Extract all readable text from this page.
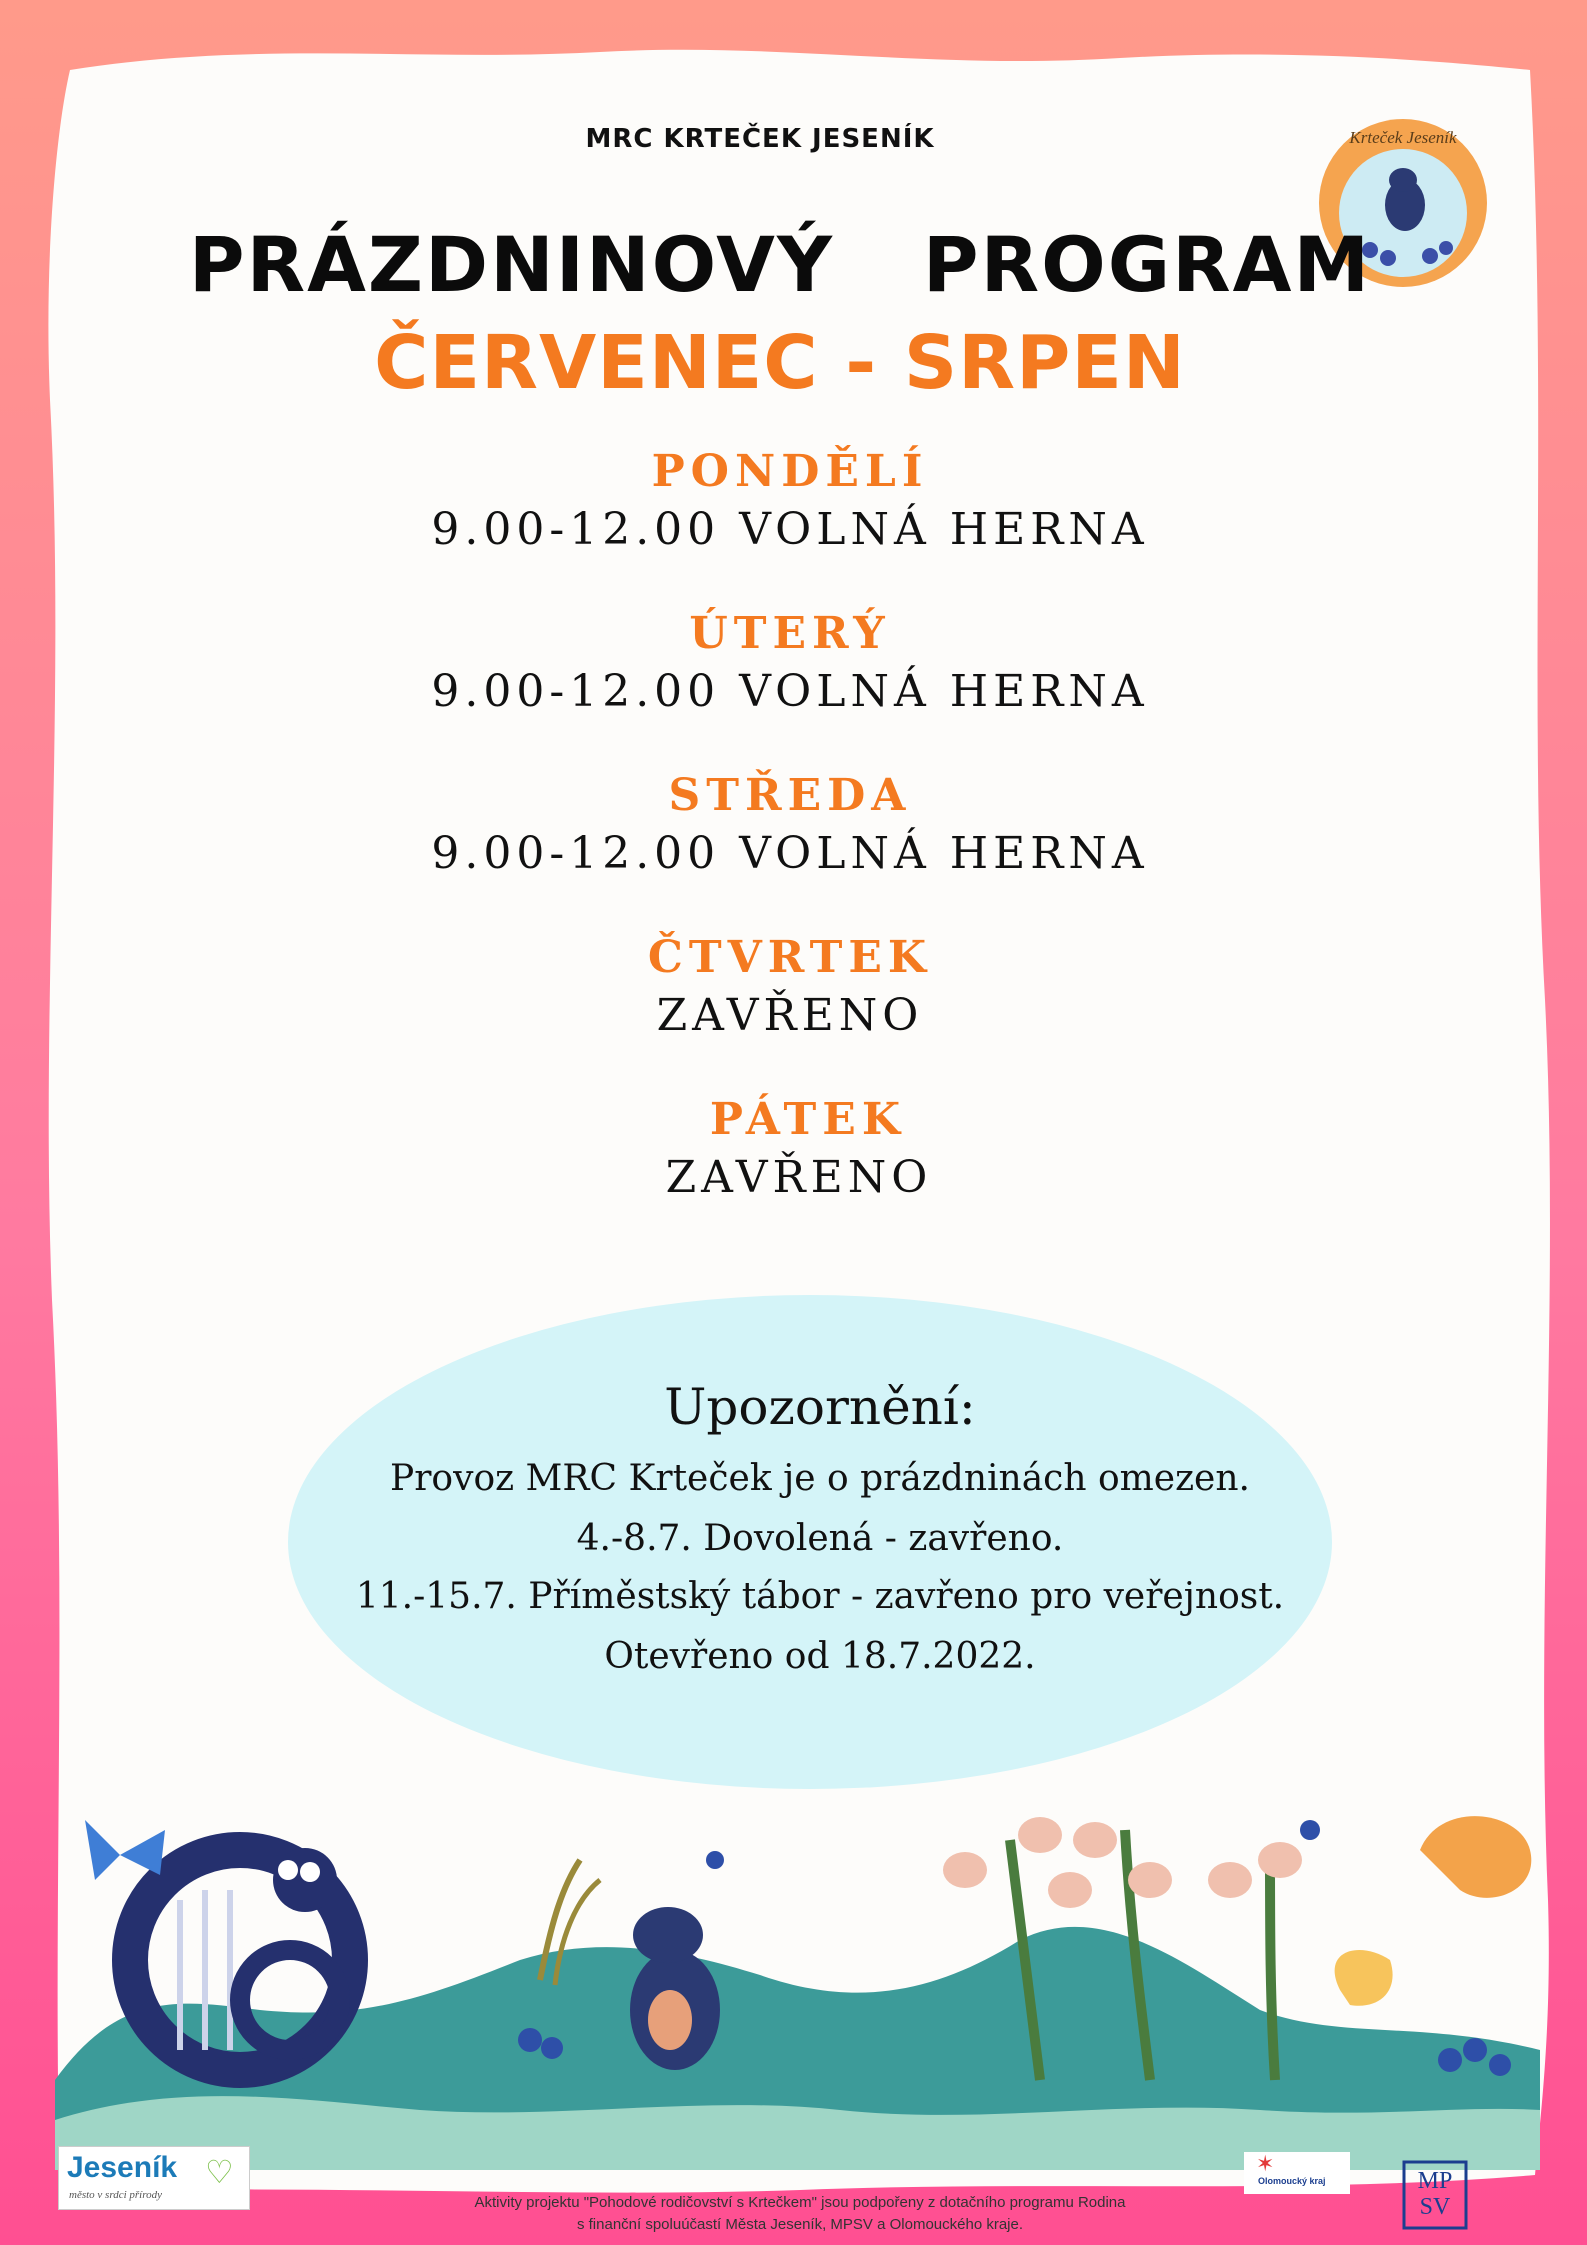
Krteček Jeseník
MRC KRTEČEK JESENÍK
PRÁZDNINOVÝ  PROGRAM
ČERVENEC - SRPEN
PONDĚLÍ
9.00-12.00 VOLNÁ HERNA
ÚTERÝ
9.00-12.00 VOLNÁ HERNA
STŘEDA
9.00-12.00 VOLNÁ HERNA
ČTVRTEK
ZAVŘENO
PÁTEK
ZAVŘENO
Upozornění:
Provoz MRC Krteček je o prázdninách omezen.
4.-8.7. Dovolená - zavřeno.
11.-15.7. Příměstský tábor - zavřeno pro veřejnost.
Otevřeno od 18.7.2022.
Jeseník ♡
město v srdci přírody
✶
Olomoucký kraj	MP
SV
Aktivity projektu "Pohodové rodičovství s Krtečkem" jsou podpořeny z dotačního programu Rodina
s finanční spoluúčastí Města Jeseník, MPSV a Olomouckého kraje.
